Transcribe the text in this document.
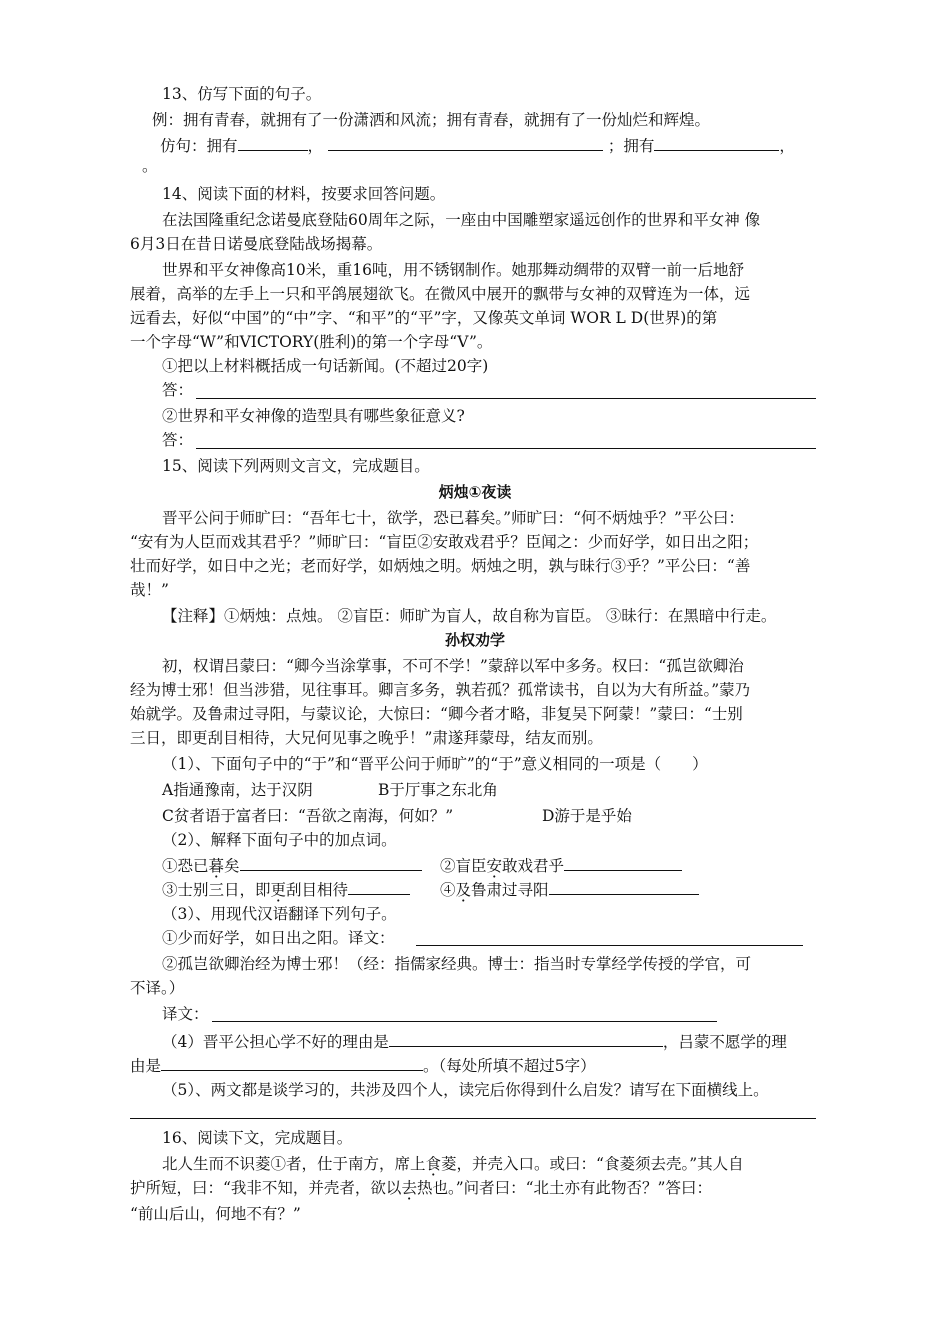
13、仿写下面的句子。
例：拥有青春，就拥有了一份潇洒和风流；拥有青春，就拥有了一份灿烂和辉煌。
仿句：拥有	，	；拥有	，
。
14、阅读下面的材料，按要求回答问题。
在法国隆重纪念诺曼底登陆60周年之际，一座由中国雕塑家遥远创作的世界和平女神 像
6月3日在昔日诺曼底登陆战场揭幕。
世界和平女神像高10米，重16吨，用不锈钢制作。她那舞动绸带的双臂一前一后地舒
展着，高举的左手上一只和平鸽展翅欲飞。在微风中展开的飘带与女神的双臂连为一体，远
远看去，好似“中国”的“中”字、“和平”的“平”字，又像英文单词 WOR L D(世界)的第
一个字母“W”和VICTORY(胜利)的第一个字母“V”。
①把以上材料概括成一句话新闻。(不超过20字)
答：
②世界和平女神像的造型具有哪些象征意义?
答：
15、阅读下列两则文言文，完成题目。
炳烛①夜读
晋平公问于师旷曰：“吾年七十，欲学，恐已暮矣。”师旷曰：“何不炳烛乎？”平公曰：
“安有为人臣而戏其君乎？”师旷曰：“盲臣②安敢戏君乎？臣闻之：少而好学，如日出之阳；
壮而好学，如日中之光；老而好学，如炳烛之明。炳烛之明，孰与昧行③乎？”平公曰：“善
哉！”
【注释】①炳烛：点烛。 ②盲臣：师旷为盲人，故自称为盲臣。 ③昧行：在黑暗中行走。
孙权劝学
初，权谓吕蒙曰：“卿今当涂掌事，不可不学！”蒙辞以军中多务。权曰：“孤岂欲卿治
经为博士邪！但当涉猎，见往事耳。卿言多务，孰若孤？孤常读书，自以为大有所益。”蒙乃
始就学。及鲁肃过寻阳，与蒙议论，大惊曰：“卿今者才略，非复吴下阿蒙！”蒙曰：“士别
三日，即更刮目相待，大兄何见事之晚乎！”肃遂拜蒙母，结友而别。
（1）、下面句子中的“于”和“晋平公问于师旷”的“于”意义相同的一项是（　　）
A指通豫南，达于汉阴	B于厅事之东北角
C贫者语于富者曰：“吾欲之南海，何如？”	D游于是乎始
（2）、解释下面句子中的加点词。
①恐已暮矣	②盲臣安敢戏君乎
③士别三日，即更刮目相待	④及鲁肃过寻阳
（3）、用现代汉语翻译下列句子。
①少而好学，如日出之阳。译文：
②孤岂欲卿治经为博士邪！（经：指儒家经典。博士：指当时专掌经学传授的学官，可
不译。）
译文：
（4）晋平公担心学不好的理由是	，吕蒙不愿学的理
由是	。（每处所填不超过5字）
（5）、两文都是谈学习的，共涉及四个人，读完后你得到什么启发？请写在下面横线上。
16、阅读下文，完成题目。
北人生而不识菱①者，仕于南方，席上食菱，并壳入口。或曰：“食菱须去壳。”其人自
护所短，曰：“我非不知，并壳者，欲以去热也。”问者曰：“北土亦有此物否？”答曰：
“前山后山，何地不有？”
